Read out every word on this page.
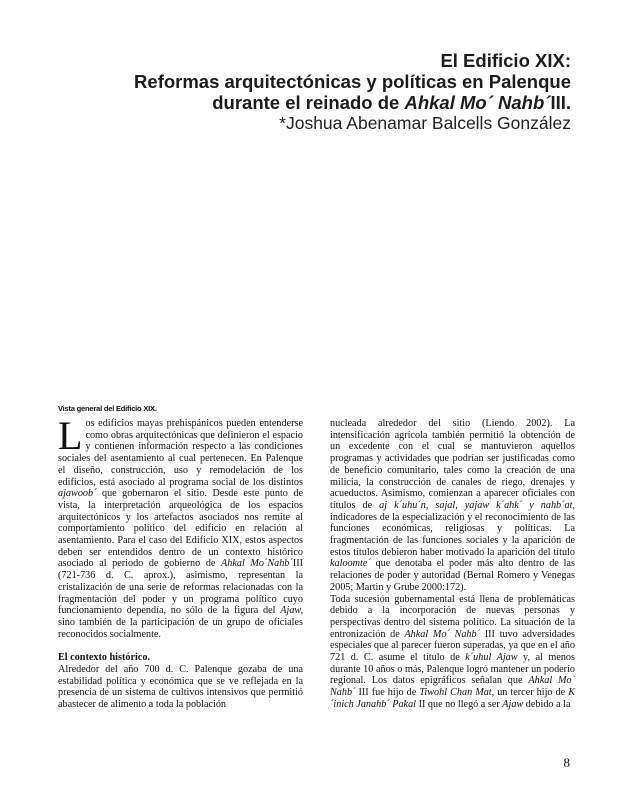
El Edificio XIX:
Reformas arquitectónicas y políticas en Palenque
durante el reinado de Ahkal Mo´ Nahb´III.
*Joshua Abenamar Balcells González
Vista general del Edificio XIX.

Los edificios mayas prehispánicos pueden entenderse como obras arquitectónicas que definieron el espacio y contienen información respecto a las condiciones sociales del asentamiento al cual pertenecen. En Palenque el diseño, construcción, uso y remodelación de los edificios, está asociado al programa social de los distintos ajawoob´ que gobernaron el sitio. Desde este punto de vista, la interpretación arqueológica de los espacios arquitectónicos y los artefactos asociados nos remite al comportamiento político del edificio en relación al asentamiento. Para el caso del Edificio XIX, estos aspectos deben ser entendidos dentro de un contexto histórico asociado al periodo de gobierno de Ahkal Mo´Nahb´III (721-736 d. C. aprox.), asimismo, representan la cristalización de una serie de reformas relacionadas con la fragmentación del poder y un programa político cuyo funcionamiento dependía, no sólo de la figura del Ajaw, sino también de la participación de un grupo de oficiales reconocidos socialmente.

El contexto histórico.

Alrededor del año 700 d. C. Palenque gozaba de una estabilidad política y económica que se ve reflejada en la presencia de un sistema de cultivos intensivos que permitió abastecer de alimento a toda la población

nucleada alrededor del sitio (Liendo 2002). La intensificación agrícola también permitió la obtención de un excedente con el cual se mantuvieron aquellos programas y actividades que podrían ser justificadas como de beneficio comunitario, tales como la creación de una milicia, la construcción de canales de riego, drenajes y acueductos. Asimismo, comienzan a aparecer oficiales con títulos de aj k´uhu´n, sajal, yajaw k´ahk´ y nahb´at, indicadores de la especialización y el reconocimiento de las funciones económicas, religiosas y políticas. La fragmentación de las funciones sociales y la aparición de estos títulos debieron haber motivado la aparición del título kaloomte´ que denotaba el poder más alto dentro de las relaciones de poder y autoridad (Bernal Romero y Venegas 2005; Martin y Grube 2000:172).

Toda sucesión gubernamental está llena de problemáticas debido a la incorporación de nuevas personas y perspectivas dentro del sistema político. La situación de la entronización de Ahkal Mo´ Nahb´ III tuvo adversidades especiales que al parecer fueron superadas, ya que en el año 721 d. C. asume el título de k´uhul Ajaw y, al menos durante 10 años o más, Palenque logró mantener un poderío regional. Los datos epigráficos señalan que Ahkal Mo` Nahb´ III fue hijo de Tiwohl Chan Mat, un tercer hijo de K´inich Janahb´ Pakal II que no llegó a ser Ajaw debido a la

8
